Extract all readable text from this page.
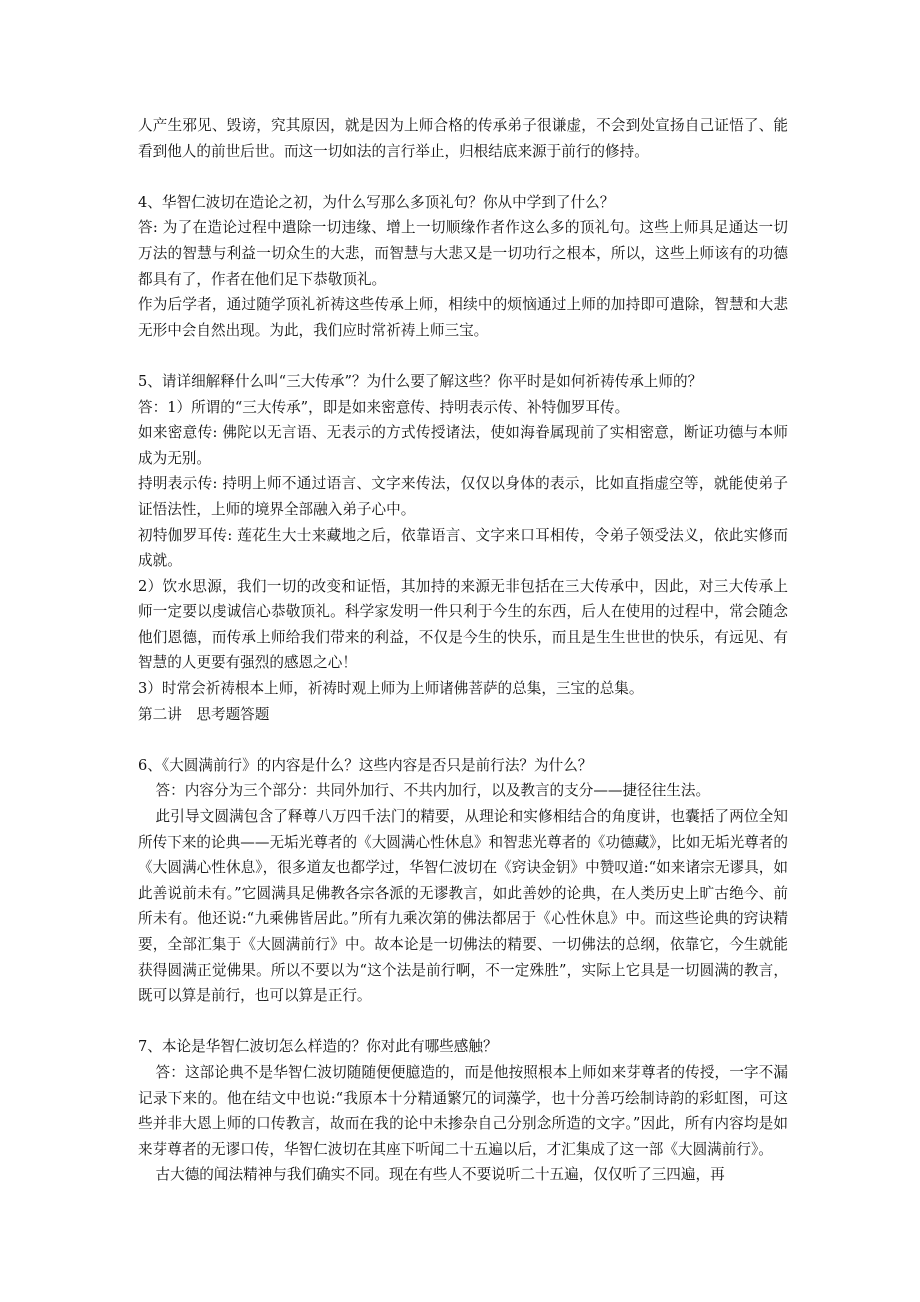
人产生邪见、毁谤，究其原因，就是因为上师合格的传承弟子很谦虚，不会到处宣扬自己证悟了、能看到他人的前世后世。而这一切如法的言行举止，归根结底来源于前行的修持。

4、华智仁波切在造论之初，为什么写那么多顶礼句？你从中学到了什么？

答: 为了在造论过程中遣除一切违缘、增上一切顺缘作者作这么多的顶礼句。这些上师具足通达一切万法的智慧与利益一切众生的大悲，而智慧与大悲又是一切功行之根本，所以，这些上师该有的功德都具有了，作者在他们足下恭敬顶礼。

作为后学者，通过随学顶礼祈祷这些传承上师，相续中的烦恼通过上师的加持即可遣除，智慧和大悲无形中会自然出现。为此，我们应时常祈祷上师三宝。

5、请详细解释什么叫“三大传承”？为什么要了解这些？你平时是如何祈祷传承上师的？

答：1）所谓的“三大传承”，即是如来密意传、持明表示传、补特伽罗耳传。

如来密意传: 佛陀以无言语、无表示的方式传授诸法，使如海眷属现前了实相密意，断证功德与本师成为无别。

持明表示传: 持明上师不通过语言、文字来传法，仅仅以身体的表示，比如直指虚空等，就能使弟子证悟法性，上师的境界全部融入弟子心中。

初特伽罗耳传: 莲花生大士来藏地之后，依靠语言、文字来口耳相传，令弟子领受法义，依此实修而成就。

2）饮水思源，我们一切的改变和证悟，其加持的来源无非包括在三大传承中，因此，对三大传承上师一定要以虔诚信心恭敬顶礼。科学家发明一件只利于今生的东西，后人在使用的过程中，常会随念他们恩德，而传承上师给我们带来的利益，不仅是今生的快乐，而且是生生世世的快乐，有远见、有智慧的人更要有强烈的感恩之心！

3）时常会祈祷根本上师，祈祷时观上师为上师诸佛菩萨的总集，三宝的总集。

第二讲　思考题答题

6、《大圆满前行》的内容是什么？这些内容是否只是前行法？为什么？

答：内容分为三个部分：共同外加行、不共内加行，以及教言的支分——捷径往生法。

此引导文圆满包含了释尊八万四千法门的精要，从理论和实修相结合的角度讲，也囊括了两位全知所传下来的论典——无垢光尊者的《大圆满心性休息》和智悲光尊者的《功德藏》，比如无垢光尊者的《大圆满心性休息》，很多道友也都学过，华智仁波切在《窍诀金钥》中赞叹道:“如来诸宗无谬具，如此善说前未有。”它圆满具足佛教各宗各派的无谬教言，如此善妙的论典，在人类历史上旷古绝今、前所未有。他还说:“九乘佛皆居此。”所有九乘次第的佛法都居于《心性休息》中。而这些论典的窍诀精要，全部汇集于《大圆满前行》中。故本论是一切佛法的精要、一切佛法的总纲，依靠它，今生就能获得圆满正觉佛果。所以不要以为“这个法是前行啊，不一定殊胜”，实际上它具是一切圆满的教言，既可以算是前行，也可以算是正行。

7、本论是华智仁波切怎么样造的？你对此有哪些感触？

答：这部论典不是华智仁波切随随便便臆造的，而是他按照根本上师如来芽尊者的传授，一字不漏记录下来的。他在结文中也说:“我原本十分精通繁冗的词藻学，也十分善巧绘制诗韵的彩虹图，可这些并非大恩上师的口传教言，故而在我的论中未掺杂自己分别念所造的文字。”因此，所有内容均是如来芽尊者的无谬口传，华智仁波切在其座下听闻二十五遍以后，才汇集成了这一部《大圆满前行》。

古大德的闻法精神与我们确实不同。现在有些人不要说听二十五遍，仅仅听了三四遍，再
